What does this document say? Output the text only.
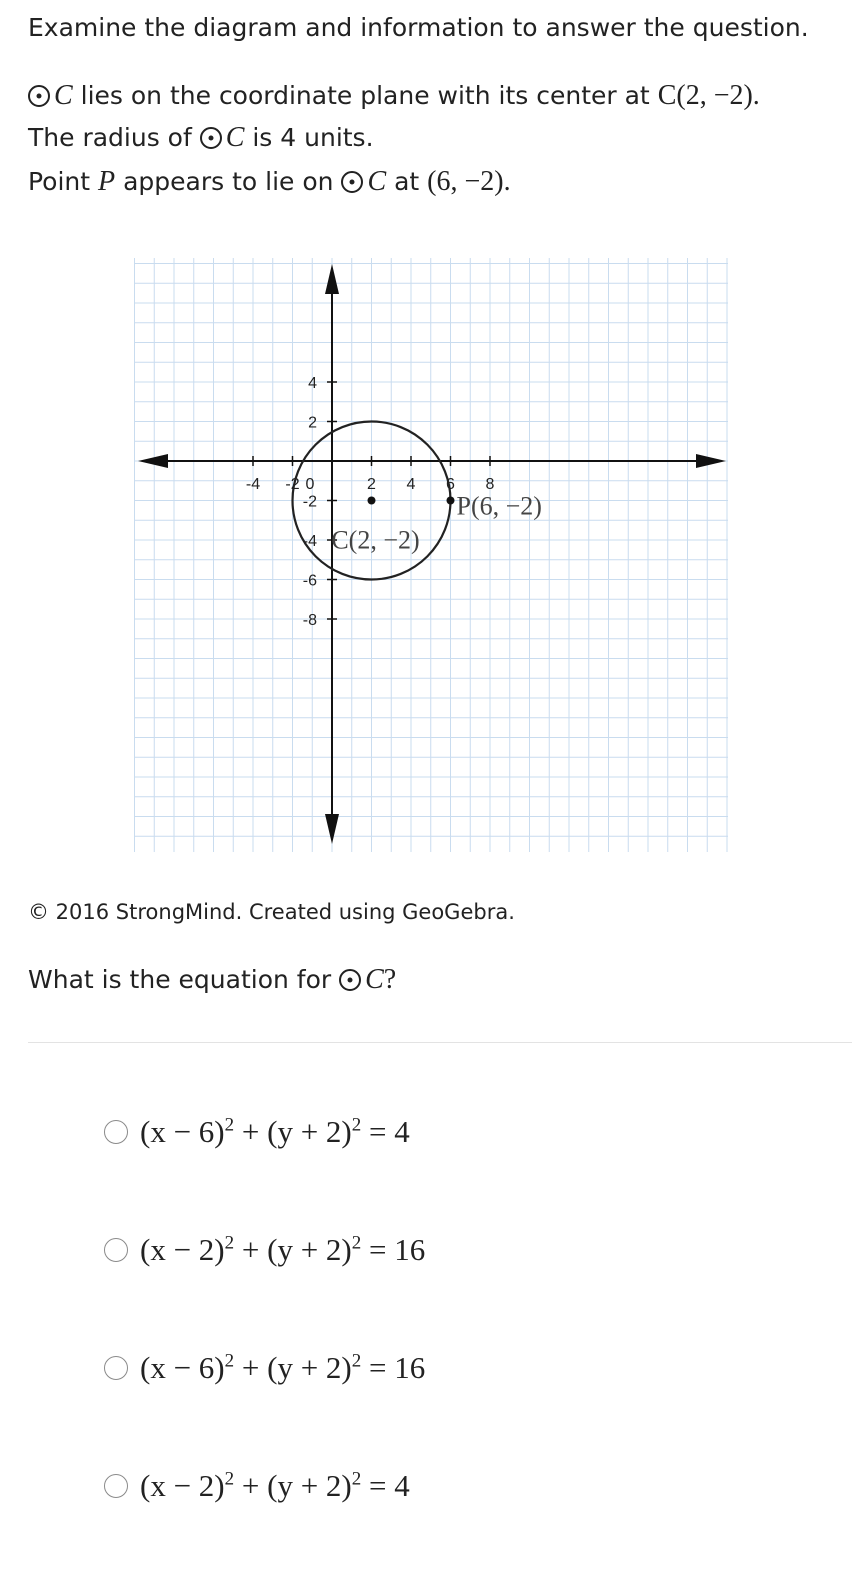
Examine the diagram and information to answer the question.
C lies on the coordinate plane with its center at C(2, −2).
The radius of C is 4 units.
Point P appears to lie on C at (6, −2).
-4 -2 0	2 4 6 8
4
2
-2
-4
-6
-8
C(2, −2)
P(6, −2)
© 2016 StrongMind. Created using GeoGebra.
What is the equation for C?
$(x - 6)^2 + (y + 2)^2 = 4$
$(x - 2)^2 + (y + 2)^2 = 16$
$(x - 6)^2 + (y + 2)^2 = 16$
$(x - 2)^2 + (y + 2)^2 = 4$
